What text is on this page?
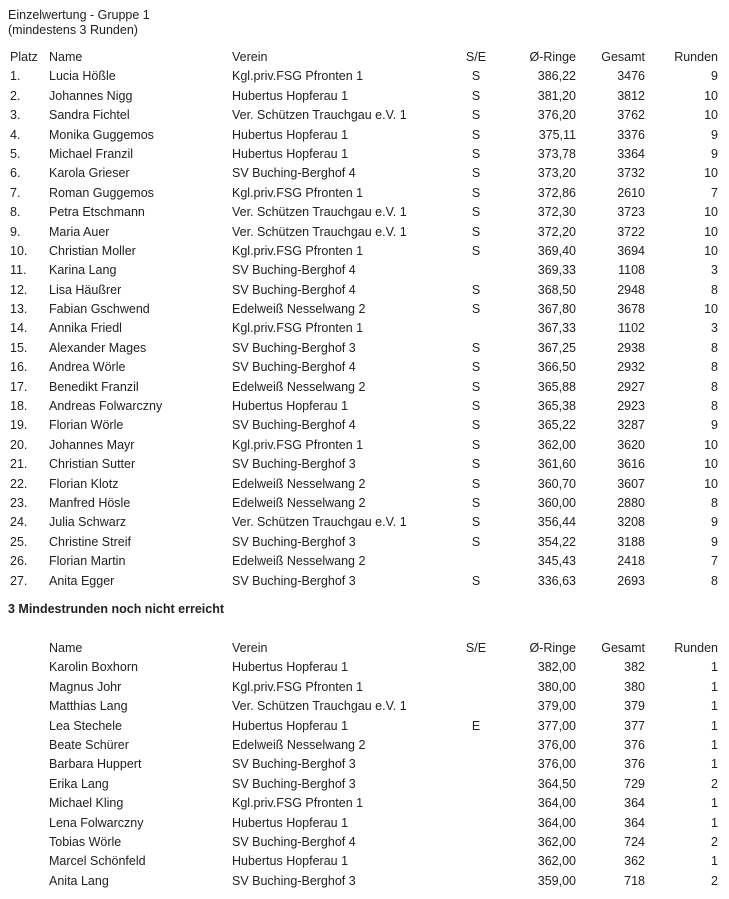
Einzelwertung - Gruppe 1
(mindestens 3 Runden)
Platz Name	Verein	S/E	Ø-Ringe	Gesamt	Runden
1. Lucia Hößle	Kgl.priv.FSG Pfronten 1	S	386,22	3476	9
2. Johannes Nigg	Hubertus Hopferau 1	S	381,20	3812	10
3. Sandra Fichtel	Ver. Schützen Trauchgau e.V. 1	S	376,20	3762	10
4. Monika Guggemos	Hubertus Hopferau 1	S	375,11	3376	9
5. Michael Franzil	Hubertus Hopferau 1	S	373,78	3364	9
6. Karola Grieser	SV Buching-Berghof 4	S	373,20	3732	10
7. Roman Guggemos	Kgl.priv.FSG Pfronten 1	S	372,86	2610	7
8. Petra Etschmann	Ver. Schützen Trauchgau e.V. 1	S	372,30	3723	10
9. Maria Auer	Ver. Schützen Trauchgau e.V. 1	S	372,20	3722	10
10. Christian Moller	Kgl.priv.FSG Pfronten 1	S	369,40	3694	10
11. Karina Lang	SV Buching-Berghof 4	369,33	1108	3
12. Lisa Häußrer	SV Buching-Berghof 4	S	368,50	2948	8
13. Fabian Gschwend	Edelweiß Nesselwang 2	S	367,80	3678	10
14. Annika Friedl	Kgl.priv.FSG Pfronten 1	367,33	1102	3
15. Alexander Mages	SV Buching-Berghof 3	S	367,25	2938	8
16. Andrea Wörle	SV Buching-Berghof 4	S	366,50	2932	8
17. Benedikt Franzil	Edelweiß Nesselwang 2	S	365,88	2927	8
18. Andreas Folwarczny	Hubertus Hopferau 1	S	365,38	2923	8
19. Florian Wörle	SV Buching-Berghof 4	S	365,22	3287	9
20. Johannes Mayr	Kgl.priv.FSG Pfronten 1	S	362,00	3620	10
21. Christian Sutter	SV Buching-Berghof 3	S	361,60	3616	10
22. Florian Klotz	Edelweiß Nesselwang 2	S	360,70	3607	10
23. Manfred Hösle	Edelweiß Nesselwang 2	S	360,00	2880	8
24. Julia Schwarz	Ver. Schützen Trauchgau e.V. 1	S	356,44	3208	9
25. Christine Streif	SV Buching-Berghof 3	S	354,22	3188	9
26. Florian Martin	Edelweiß Nesselwang 2	345,43	2418	7
27. Anita Egger	SV Buching-Berghof 3	S	336,63	2693	8
3 Mindestrunden noch nicht erreicht
Name	Verein	S/E	Ø-Ringe	Gesamt	Runden
Karolin Boxhorn	Hubertus Hopferau 1	382,00	382	1
Magnus Johr	Kgl.priv.FSG Pfronten 1	380,00	380	1
Matthias Lang	Ver. Schützen Trauchgau e.V. 1	379,00	379	1
Lea Stechele	Hubertus Hopferau 1	E	377,00	377	1
Beate Schürer	Edelweiß Nesselwang 2	376,00	376	1
Barbara Huppert	SV Buching-Berghof 3	376,00	376	1
Erika Lang	SV Buching-Berghof 3	364,50	729	2
Michael Kling	Kgl.priv.FSG Pfronten 1	364,00	364	1
Lena Folwarczny	Hubertus Hopferau 1	364,00	364	1
Tobias Wörle	SV Buching-Berghof 4	362,00	724	2
Marcel Schönfeld	Hubertus Hopferau 1	362,00	362	1
Anita Lang	SV Buching-Berghof 3	359,00	718	2
